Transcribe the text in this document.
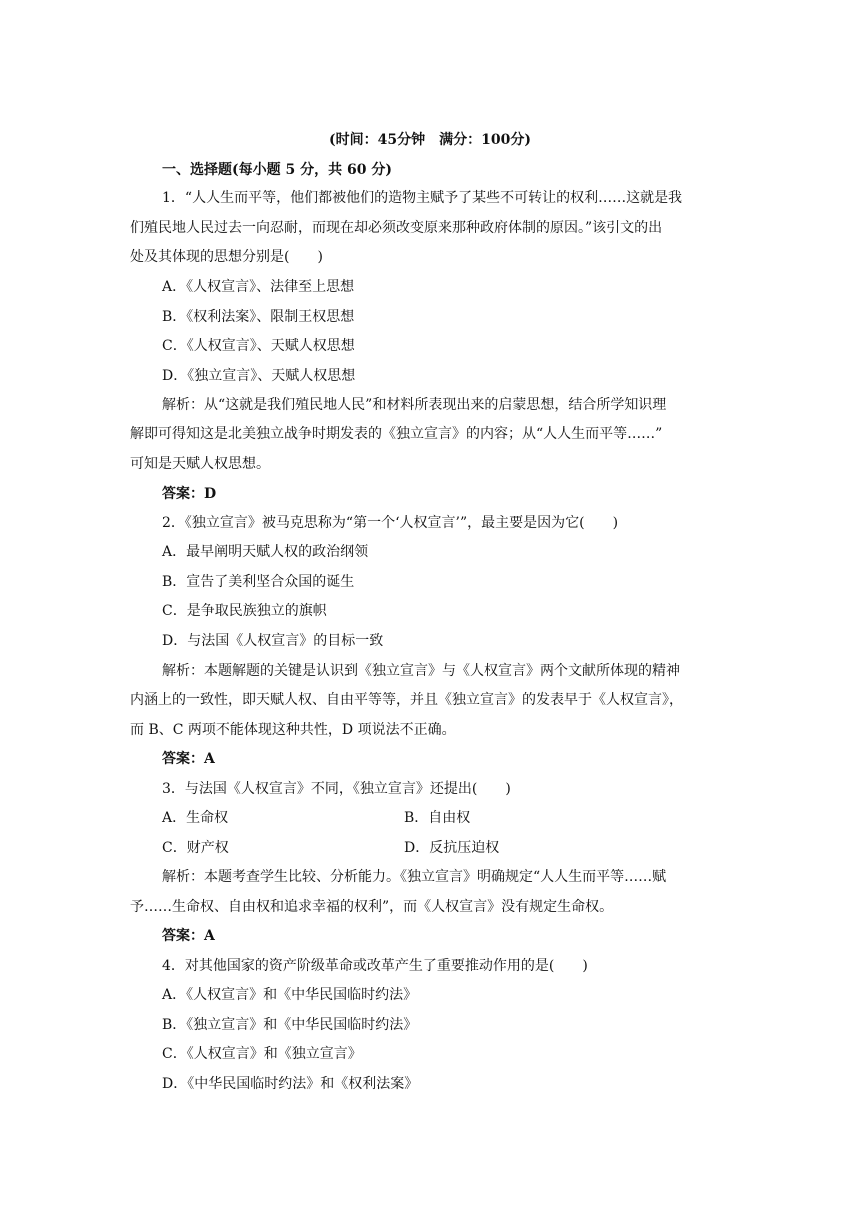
(时间：45分钟　满分：100分)
一、选择题(每小题 5 分，共 60 分)
1．“人人生而平等，他们都被他们的造物主赋予了某些不可转让的权利……这就是我
们殖民地人民过去一向忍耐，而现在却必须改变原来那种政府体制的原因。”该引文的出
处及其体现的思想分别是(　　)
A．《人权宣言》、法律至上思想
B．《权利法案》、限制王权思想
C．《人权宣言》、天赋人权思想
D．《独立宣言》、天赋人权思想
解析：从“这就是我们殖民地人民”和材料所表现出来的启蒙思想，结合所学知识理
解即可得知这是北美独立战争时期发表的《独立宣言》的内容；从“人人生而平等……”
可知是天赋人权思想。
答案：D
2．《独立宣言》被马克思称为“第一个‘人权宣言’”，最主要是因为它(　　)
A．最早阐明天赋人权的政治纲领
B．宣告了美利坚合众国的诞生
C．是争取民族独立的旗帜
D．与法国《人权宣言》的目标一致
解析：本题解题的关键是认识到《独立宣言》与《人权宣言》两个文献所体现的精神
内涵上的一致性，即天赋人权、自由平等等，并且《独立宣言》的发表早于《人权宣言》，
而 B、C 两项不能体现这种共性，D 项说法不正确。
答案：A
3．与法国《人权宣言》不同，《独立宣言》还提出(　　)
A．生命权	B．自由权
C．财产权	D．反抗压迫权
解析：本题考查学生比较、分析能力。《独立宣言》明确规定“人人生而平等……赋
予……生命权、自由权和追求幸福的权利”，而《人权宣言》没有规定生命权。
答案：A
4．对其他国家的资产阶级革命或改革产生了重要推动作用的是(　　)
A．《人权宣言》和《中华民国临时约法》
B．《独立宣言》和《中华民国临时约法》
C．《人权宣言》和《独立宣言》
D．《中华民国临时约法》和《权利法案》
